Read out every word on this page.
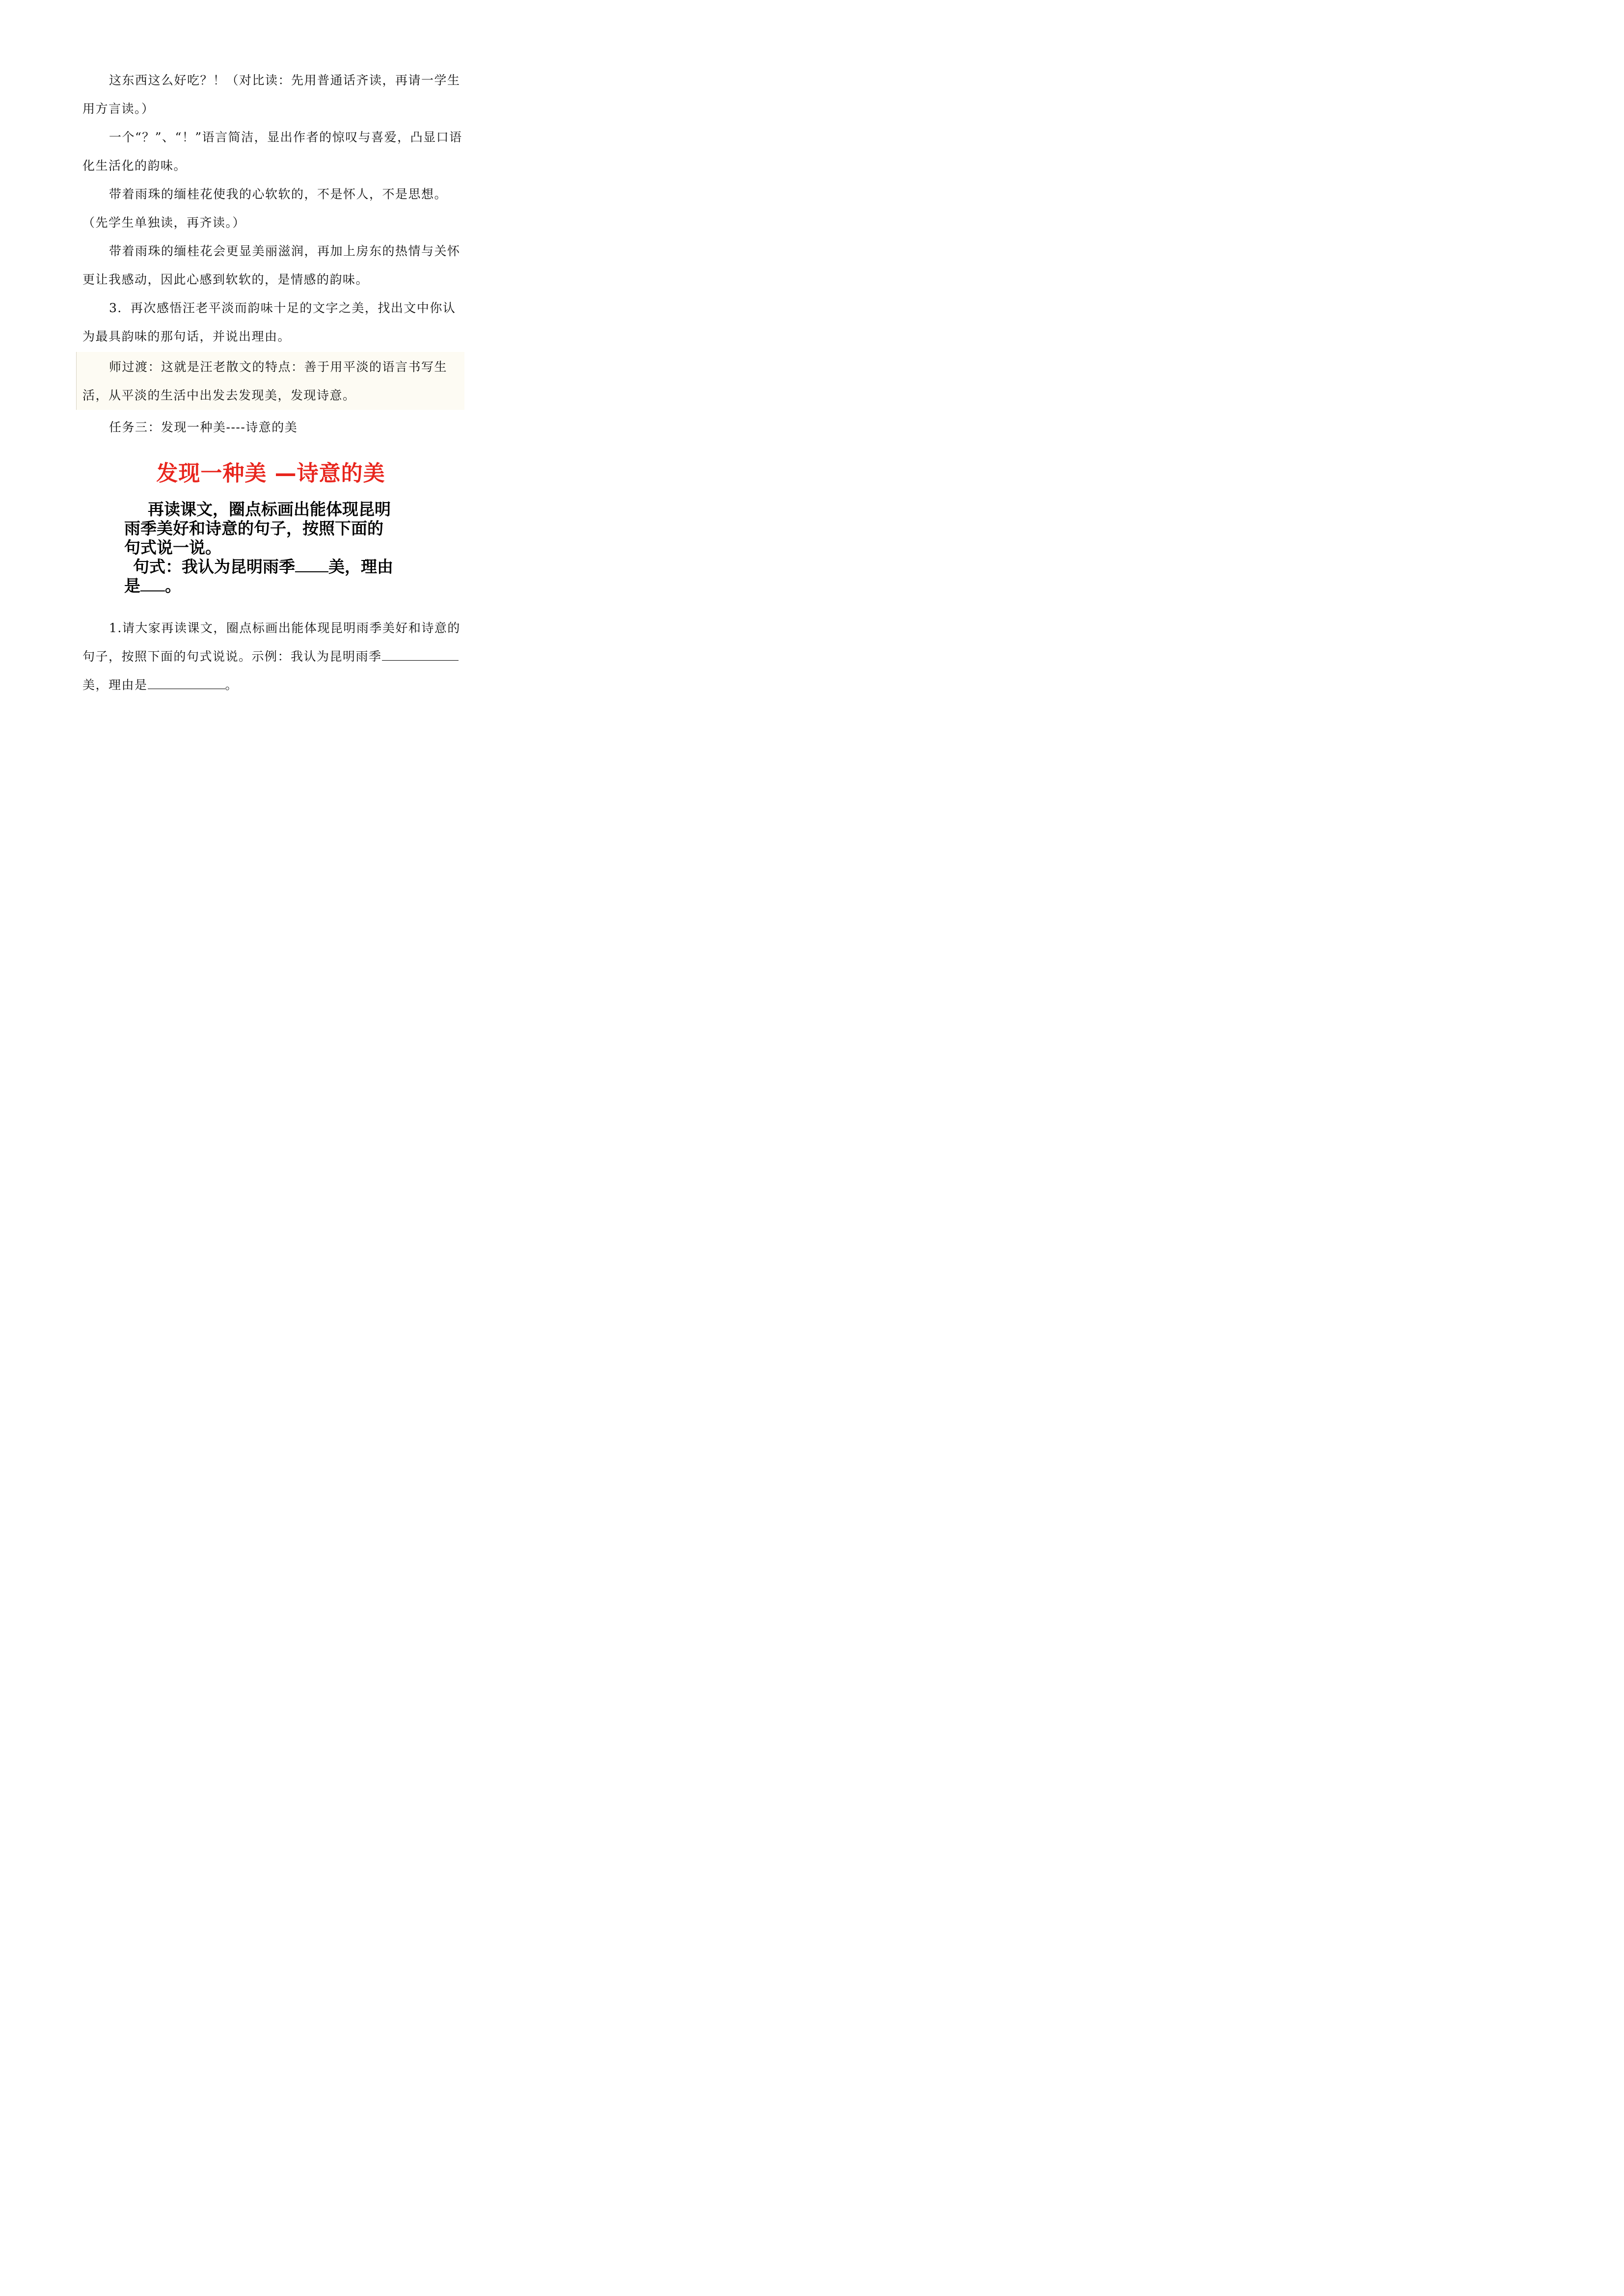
这东西这么好吃？！（对比读：先用普通话齐读，再请一学生用方言读。）

一个“？”、“！”语言简洁，显出作者的惊叹与喜爱，凸显口语化生活化的韵味。

带着雨珠的缅桂花使我的心软软的，不是怀人，不是思想。（先学生单独读，再齐读。）

带着雨珠的缅桂花会更显美丽滋润，再加上房东的热情与关怀更让我感动，因此心感到软软的，是情感的韵味。

3．再次感悟汪老平淡而韵味十足的文字之美，找出文中你认为最具韵味的那句话，并说出理由。

师过渡：这就是汪老散文的特点：善于用平淡的语言书写生活，从平淡的生活中出发去发现美，发现诗意。

任务三：发现一种美----诗意的美

发现一种美 —诗意的美
再读课文，圈点标画出能体现昆明
雨季美好和诗意的句子，按照下面的
句式说一说。
句式：我认为昆明雨季 美，理由
是 。

1.请大家再读课文，圈点标画出能体现昆明雨季美好和诗意的句子，按照下面的句式说说。示例：我认为昆明雨季美，理由是	。
